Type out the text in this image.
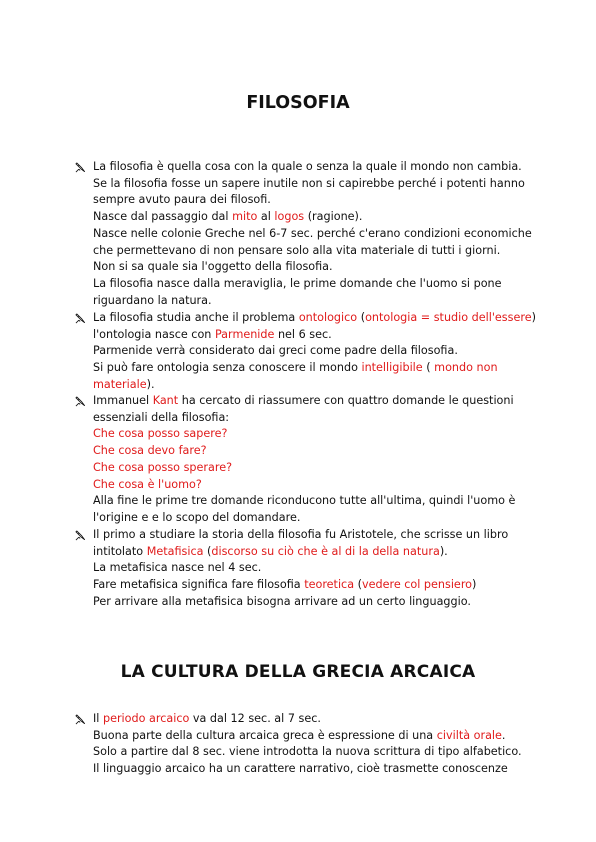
FILOSOFIA
La filosofia è quella cosa con la quale o senza la quale il mondo non cambia.
Se la filosofia fosse un sapere inutile non si capirebbe perché i potenti hanno
sempre avuto paura dei filosofi.
Nasce dal passaggio dal mito al logos (ragione).
Nasce nelle colonie Greche nel 6-7 sec. perché c'erano condizioni economiche
che permettevano di non pensare solo alla vita materiale di tutti i giorni.
Non si sa quale sia l'oggetto della filosofia.
La filosofia nasce dalla meraviglia, le prime domande che l'uomo si pone
riguardano la natura.
La filosofia studia anche il problema ontologico (ontologia = studio dell'essere)
l'ontologia nasce con Parmenide nel 6 sec.
Parmenide verrà considerato dai greci come padre della filosofia.
Si può fare ontologia senza conoscere il mondo intelligibile ( mondo non
materiale).
Immanuel Kant ha cercato di riassumere con quattro domande le questioni
essenziali della filosofia:
Che cosa posso sapere?
Che cosa devo fare?
Che cosa posso sperare?
Che cosa è l'uomo?
Alla fine le prime tre domande riconducono tutte all'ultima, quindi l'uomo è
l'origine e e lo scopo del domandare.
Il primo a studiare la storia della filosofia fu Aristotele, che scrisse un libro
intitolato Metafisica (discorso su ciò che è al di la della natura).
La metafisica nasce nel 4 sec.
Fare metafisica significa fare filosofia teoretica (vedere col pensiero)
Per arrivare alla metafisica bisogna arrivare ad un certo linguaggio.
LA CULTURA DELLA GRECIA ARCAICA
Il periodo arcaico va dal 12 sec. al 7 sec.
Buona parte della cultura arcaica greca è espressione di una civiltà orale.
Solo a partire dal 8 sec. viene introdotta la nuova scrittura di tipo alfabetico.
Il linguaggio arcaico ha un carattere narrativo, cioè trasmette conoscenze
